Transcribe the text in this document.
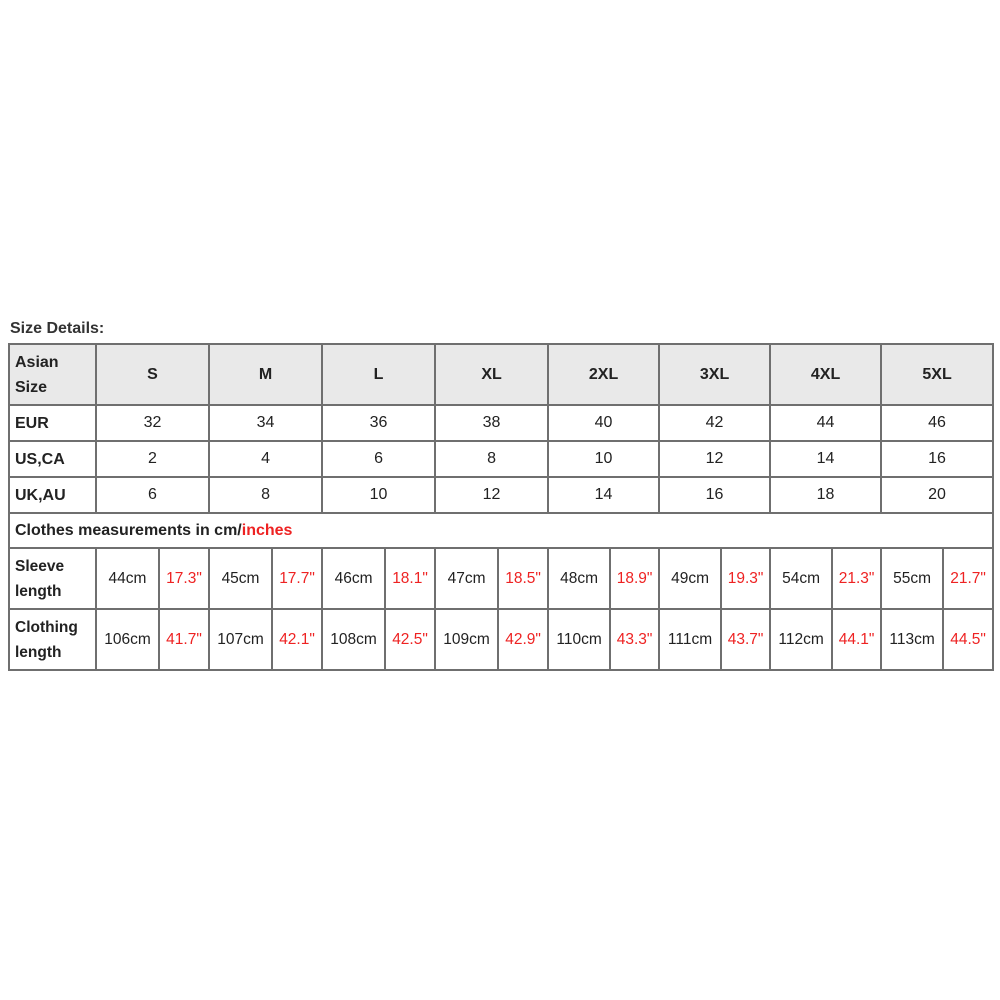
Size Details:
Asian
Size	S		M		L		XL		2XL		3XL		4XL		5XL	
EUR	32		34		36		38		40		42		44		46	
US,CA	2		4		6		8		10		12		14		16	
UK,AU	6		8		10		12		14		16		18		20	
Clothes measurements in cm/inches																
Sleeve
length	44cm	17.3"	45cm	17.7"	46cm	18.1"	47cm	18.5"	48cm	18.9"	49cm	19.3"	54cm	21.3"	55cm	21.7"
Clothing
length	106cm	41.7"	107cm	42.1"	108cm	42.5"	109cm	42.9"	110cm	43.3"	111cm	43.7"	112cm	44.1"	113cm	44.5"
